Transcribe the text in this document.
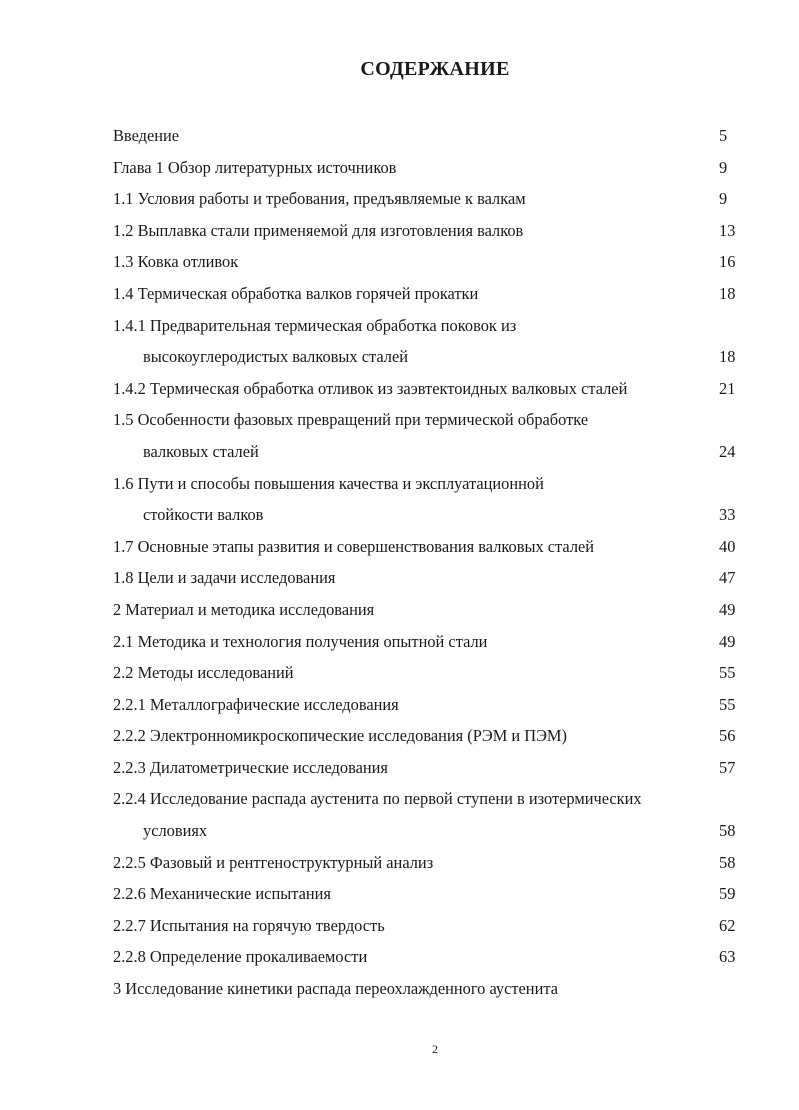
СОДЕРЖАНИЕ
Введение	5
Глава 1 Обзор литературных источников	9
1.1 Условия работы и требования, предъявляемые к валкам	9
1.2 Выплавка стали применяемой для изготовления валков	13
1.3 Ковка отливок	16
1.4 Термическая обработка валков горячей прокатки	18
1.4.1 Предварительная термическая обработка поковок из
высокоуглеродистых валковых сталей	18
1.4.2 Термическая обработка отливок из заэвтектоидных валковых сталей	21
1.5 Особенности фазовых превращений при термической обработке
валковых сталей	24
1.6 Пути и способы повышения качества и эксплуатационной
стойкости валков	33
1.7 Основные этапы развития и совершенствования валковых сталей	40
1.8 Цели и задачи исследования	47
2 Материал и методика исследования	49
2.1 Методика и технология получения опытной стали	49
2.2 Методы исследований	55
2.2.1 Металлографические исследования	55
2.2.2 Электронномикроскопические исследования (РЭМ и ПЭМ)	56
2.2.3 Дилатометрические исследования	57
2.2.4 Исследование распада аустенита по первой ступени в изотермических
условиях	58
2.2.5 Фазовый и рентгеноструктурный анализ	58
2.2.6 Механические испытания	59
2.2.7 Испытания на горячую твердость	62
2.2.8 Определение прокаливаемости	63
3 Исследование кинетики распада переохлажденного аустенита
2
